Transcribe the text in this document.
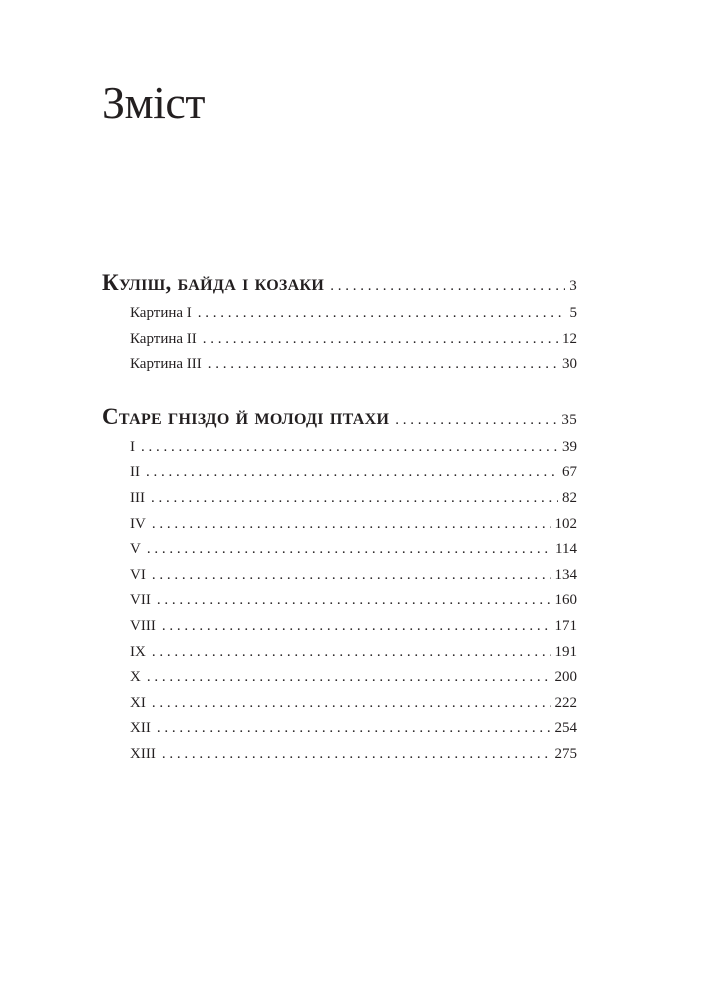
Зміст
Куліш, байда і козаки . . .	3
Картина I . . .	5
Картина II . . .	12
Картина III . . .	30
Старе гніздо й молоді птахи . . .	35
I . . .	39
II . . .	67
III . . .	82
IV . . .	102
V . . .	114
VI . . .	134
VII . . .	160
VIII . . .	171
IX . . .	191
X . . .	200
XI . . .	222
XII . . .	254
XIII . . .	275
